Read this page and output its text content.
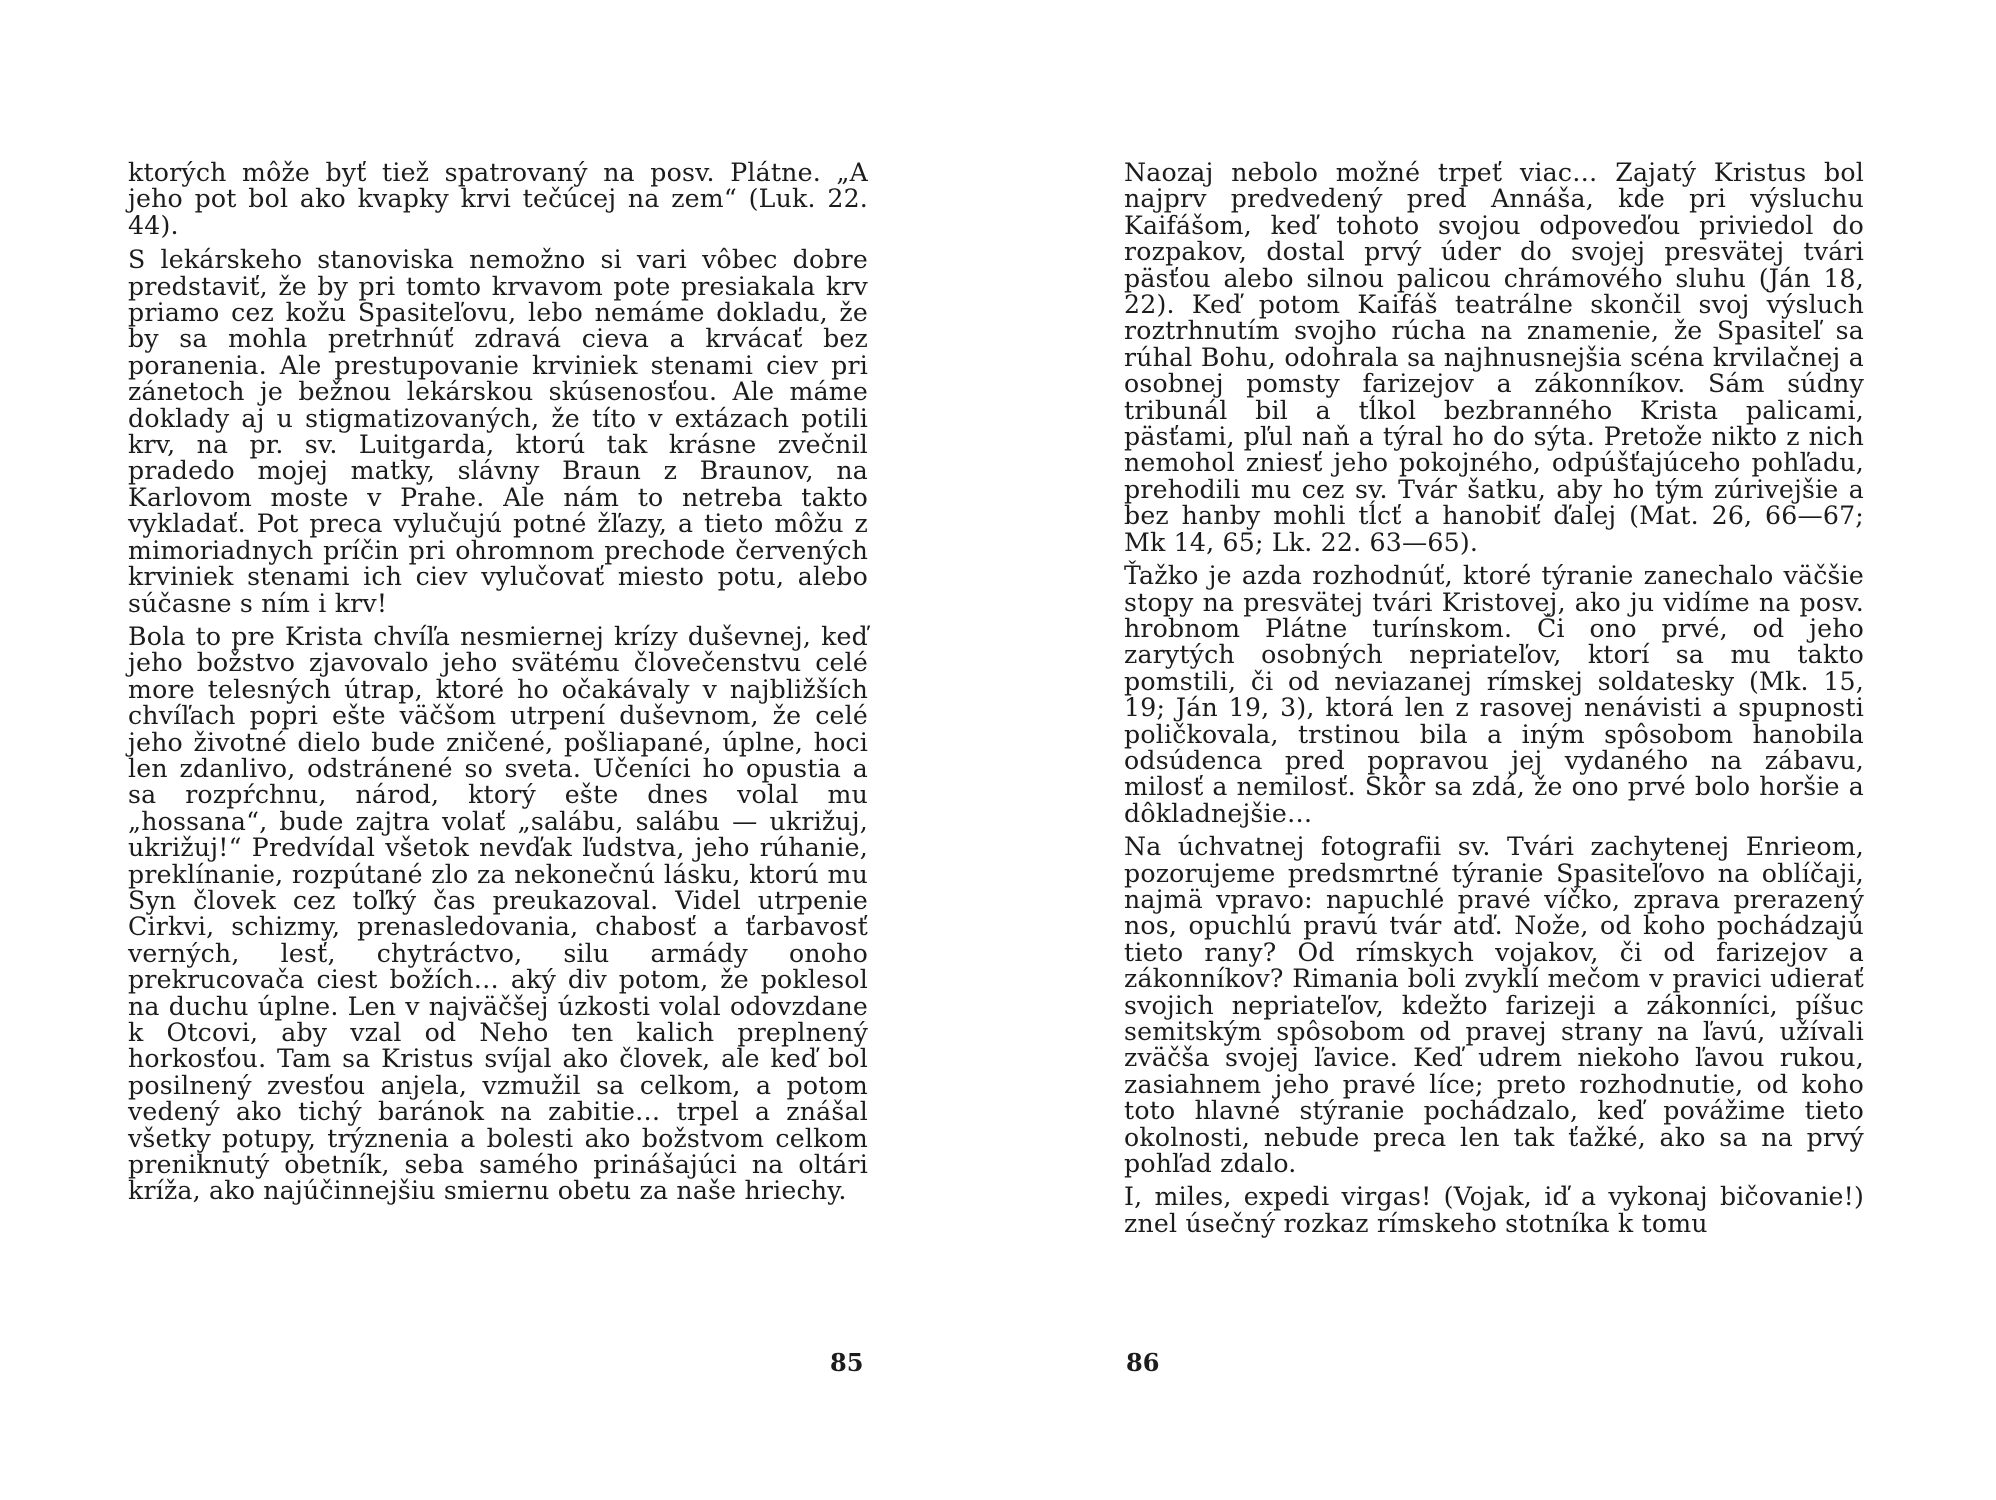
ktorých môže byť tiež spatrovaný na posv. Plátne. „A jeho pot bol ako kvapky krvi tečúcej na zem“ (Luk. 22. 44).

S lekárskeho stanoviska nemožno si vari vôbec dobre predstaviť, že by pri tomto krvavom pote presiakala krv priamo cez kožu Spasiteľovu, lebo nemáme dokladu, že by sa mohla pretrhnúť zdravá cieva a krvácať bez poranenia. Ale prestupovanie krviniek stenami ciev pri zánetoch je bežnou lekárskou skúsenosťou. Ale máme doklady aj u stigmatizovaných, že títo v extázach potili krv, na pr. sv. Luitgarda, ktorú tak krásne zvečnil pradedo mojej matky, slávny Braun z Braunov, na Karlovom moste v Prahe. Ale nám to netreba takto vykladať. Pot preca vylučujú potné žľazy, a tieto môžu z mimoriadnych príčin pri ohromnom prechode červených krviniek stenami ich ciev vylučovať miesto potu, alebo súčasne s ním i krv!

Bola to pre Krista chvíľa nesmiernej krízy duševnej, keď jeho božstvo zjavovalo jeho svätému človečenstvu celé more telesných útrap, ktoré ho očakávaly v najbližších chvíľach popri ešte väčšom utrpení duševnom, že celé jeho životné dielo bude zničené, pošliapané, úplne, hoci len zdanlivo, odstránené so sveta. Učeníci ho opustia a sa rozpŕchnu, národ, ktorý ešte dnes volal mu „hossana“, bude zajtra volať „salábu, salábu — ukrižuj, ukrižuj!“ Predvídal všetok nevďak ľudstva, jeho rúhanie, preklínanie, rozpútané zlo za nekonečnú lásku, ktorú mu Syn človek cez toľký čas preukazoval. Videl utrpenie Cirkvi, schizmy, prenasledovania, chabosť a ťarbavosť verných, lesť, chytráctvo, silu armády onoho prekrucovača ciest božích… aký div potom, že poklesol na duchu úplne. Len v najväčšej úzkosti volal odovzdane k Otcovi, aby vzal od Neho ten kalich preplnený horkosťou. Tam sa Kristus svíjal ako človek, ale keď bol posilnený zvesťou anjela, vzmužil sa celkom, a potom vedený ako tichý baránok na zabitie… trpel a znášal všetky potupy, trýznenia a bolesti ako božstvom celkom preniknutý obetník, seba samého prinášajúci na oltári kríža, ako najúčinnejšiu smiernu obetu za naše hriechy.

85

Naozaj nebolo možné trpeť viac… Zajatý Kristus bol najprv predvedený pred Annáša, kde pri výsluchu Kaifášom, keď tohoto svojou odpoveďou priviedol do rozpakov, dostal prvý úder do svojej presvätej tvári päsťou alebo silnou palicou chrámového sluhu (Ján 18, 22). Keď potom Kaifáš teatrálne skončil svoj výsluch roztrhnutím svojho rúcha na znamenie, že Spasiteľ sa rúhal Bohu, odohrala sa najhnusnejšia scéna krvilačnej a osobnej pomsty farizejov a zákonníkov. Sám súdny tribunál bil a tĺkol bezbranného Krista palicami, päsťami, pľul naň a týral ho do sýta. Pretože nikto z nich nemohol zniesť jeho pokojného, odpúšťajúceho pohľadu, prehodili mu cez sv. Tvár šatku, aby ho tým zúrivejšie a bez hanby mohli tĺcť a hanobiť ďalej (Mat. 26, 66—67; Mk 14, 65; Lk. 22. 63—65).

Ťažko je azda rozhodnúť, ktoré týranie zanechalo väčšie stopy na presvätej tvári Kristovej, ako ju vidíme na posv. hrobnom Plátne turínskom. Či ono prvé, od jeho zarytých osobných nepriateľov, ktorí sa mu takto pomstili, či od neviazanej rímskej soldatesky (Mk. 15, 19; Ján 19, 3), ktorá len z rasovej nenávisti a spupnosti poličkovala, trstinou bila a iným spôsobom hanobila odsúdenca pred popravou jej vydaného na zábavu, milosť a nemilosť. Skôr sa zdá, že ono prvé bolo horšie a dôkladnejšie…

Na úchvatnej fotografii sv. Tvári zachytenej Enrieom, pozorujeme predsmrtné týranie Spasiteľovo na oblíčaji, najmä vpravo: napuchlé pravé víčko, zprava prerazený nos, opuchlú pravú tvár atď. Nože, od koho pochádzajú tieto rany? Od rímskych vojakov, či od farizejov a zákonníkov? Rimania boli zvyklí mečom v pravici udierať svojich nepriateľov, kdežto farizeji a zákonníci, píšuc semitským spôsobom od pravej strany na ľavú, užívali zväčša svojej ľavice. Keď udrem niekoho ľavou rukou, zasiahnem jeho pravé líce; preto rozhodnutie, od koho toto hlavné stýranie pochádzalo, keď povážime tieto okolnosti, nebude preca len tak ťažké, ako sa na prvý pohľad zdalo.

I, miles, expedi virgas! (Vojak, iď a vykonaj bičovanie!) znel úsečný rozkaz rímskeho stotníka k tomu

86
